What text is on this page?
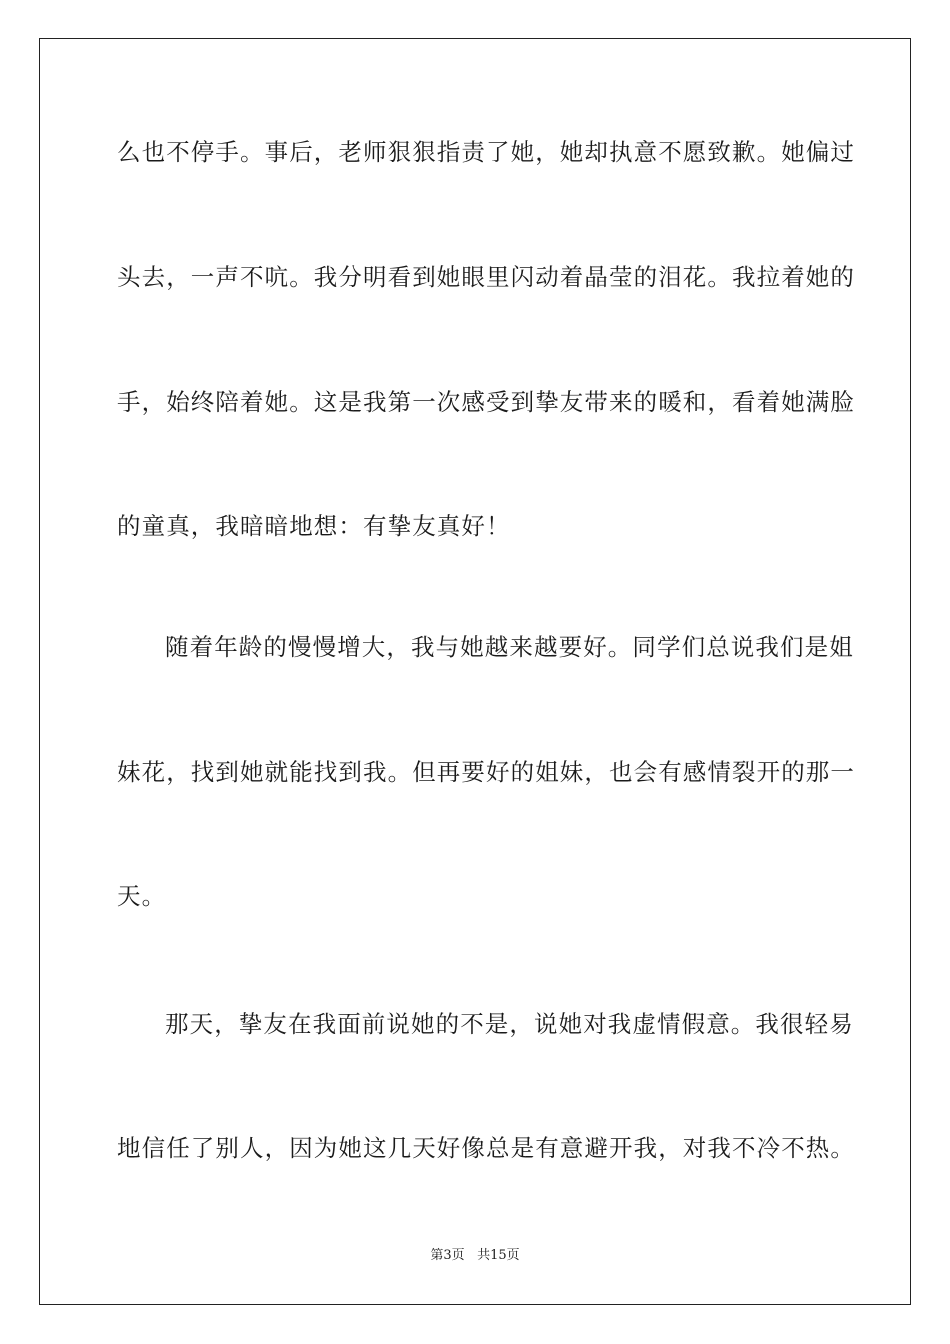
么也不停手。事后，老师狠狠指责了她，她却执意不愿致歉。她偏过
头去，一声不吭。我分明看到她眼里闪动着晶莹的泪花。我拉着她的
手，始终陪着她。这是我第一次感受到挚友带来的暖和，看着她满脸
的童真，我暗暗地想：有挚友真好！
随着年龄的慢慢增大，我与她越来越要好。同学们总说我们是姐
妹花，找到她就能找到我。但再要好的姐妹，也会有感情裂开的那一
天。
那天，挚友在我面前说她的不是，说她对我虚情假意。我很轻易
地信任了别人，因为她这几天好像总是有意避开我，对我不冷不热。
第3页 共15页
